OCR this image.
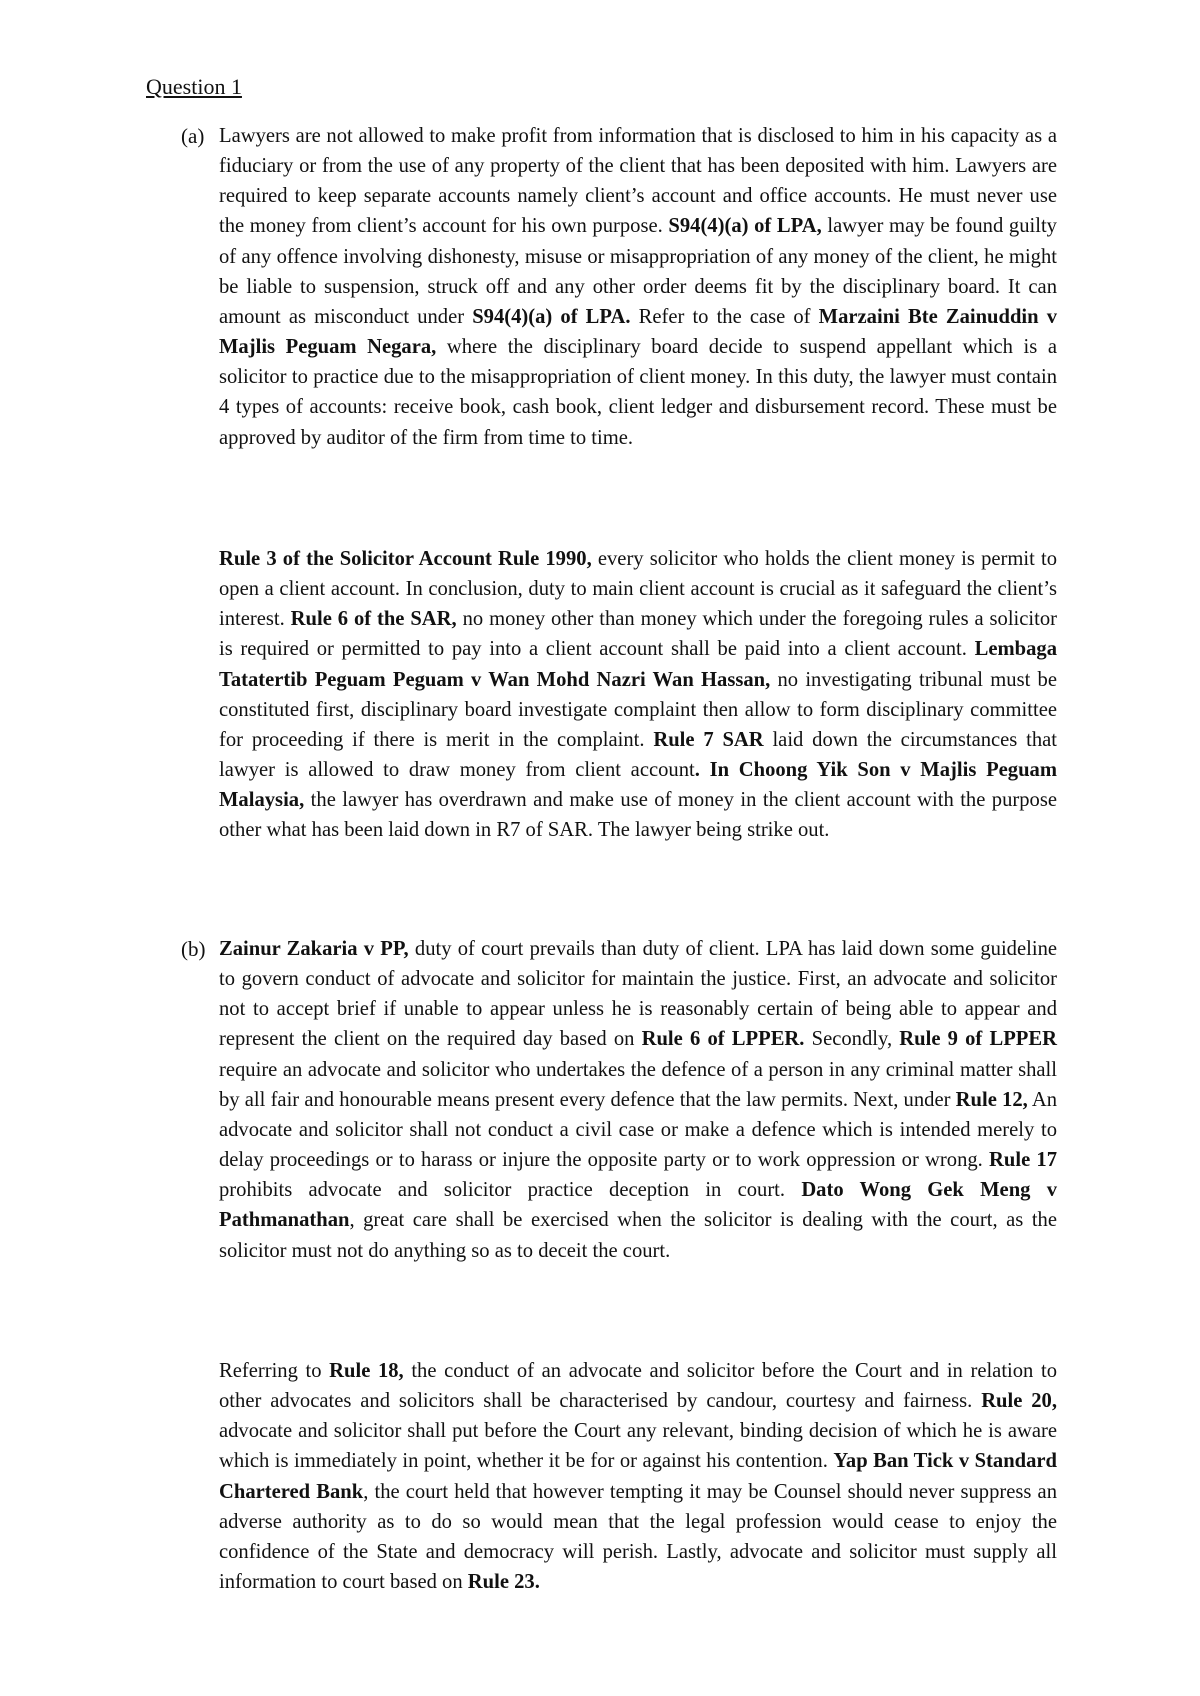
Question 1
(a) Lawyers are not allowed to make profit from information that is disclosed to him in his capacity as a fiduciary or from the use of any property of the client that has been deposited with him. Lawyers are required to keep separate accounts namely client’s account and office accounts. He must never use the money from client’s account for his own purpose. S94(4)(a) of LPA, lawyer may be found guilty of any offence involving dishonesty, misuse or misappropriation of any money of the client, he might be liable to suspension, struck off and any other order deems fit by the disciplinary board. It can amount as misconduct under S94(4)(a) of LPA. Refer to the case of Marzaini Bte Zainuddin v Majlis Peguam Negara, where the disciplinary board decide to suspend appellant which is a solicitor to practice due to the misappropriation of client money. In this duty, the lawyer must contain 4 types of accounts: receive book, cash book, client ledger and disbursement record. These must be approved by auditor of the firm from time to time.

Rule 3 of the Solicitor Account Rule 1990, every solicitor who holds the client money is permit to open a client account. In conclusion, duty to main client account is crucial as it safeguard the client’s interest. Rule 6 of the SAR, no money other than money which under the foregoing rules a solicitor is required or permitted to pay into a client account shall be paid into a client account. Lembaga Tatatertib Peguam Peguam v Wan Mohd Nazri Wan Hassan, no investigating tribunal must be constituted first, disciplinary board investigate complaint then allow to form disciplinary committee for proceeding if there is merit in the complaint. Rule 7 SAR laid down the circumstances that lawyer is allowed to draw money from client account. In Choong Yik Son v Majlis Peguam Malaysia, the lawyer has overdrawn and make use of money in the client account with the purpose other what has been laid down in R7 of SAR. The lawyer being strike out.

(b) Zainur Zakaria v PP, duty of court prevails than duty of client. LPA has laid down some guideline to govern conduct of advocate and solicitor for maintain the justice. First, an advocate and solicitor not to accept brief if unable to appear unless he is reasonably certain of being able to appear and represent the client on the required day based on Rule 6 of LPPER. Secondly, Rule 9 of LPPER require an advocate and solicitor who undertakes the defence of a person in any criminal matter shall by all fair and honourable means present every defence that the law permits. Next, under Rule 12, An advocate and solicitor shall not conduct a civil case or make a defence which is intended merely to delay proceedings or to harass or injure the opposite party or to work oppression or wrong. Rule 17 prohibits advocate and solicitor practice deception in court. Dato Wong Gek Meng v Pathmanathan, great care shall be exercised when the solicitor is dealing with the court, as the solicitor must not do anything so as to deceit the court.

Referring to Rule 18, the conduct of an advocate and solicitor before the Court and in relation to other advocates and solicitors shall be characterised by candour, courtesy and fairness. Rule 20, advocate and solicitor shall put before the Court any relevant, binding decision of which he is aware which is immediately in point, whether it be for or against his contention. Yap Ban Tick v Standard Chartered Bank, the court held that however tempting it may be Counsel should never suppress an adverse authority as to do so would mean that the legal profession would cease to enjoy the confidence of the State and democracy will perish. Lastly, advocate and solicitor must supply all information to court based on Rule 23.
